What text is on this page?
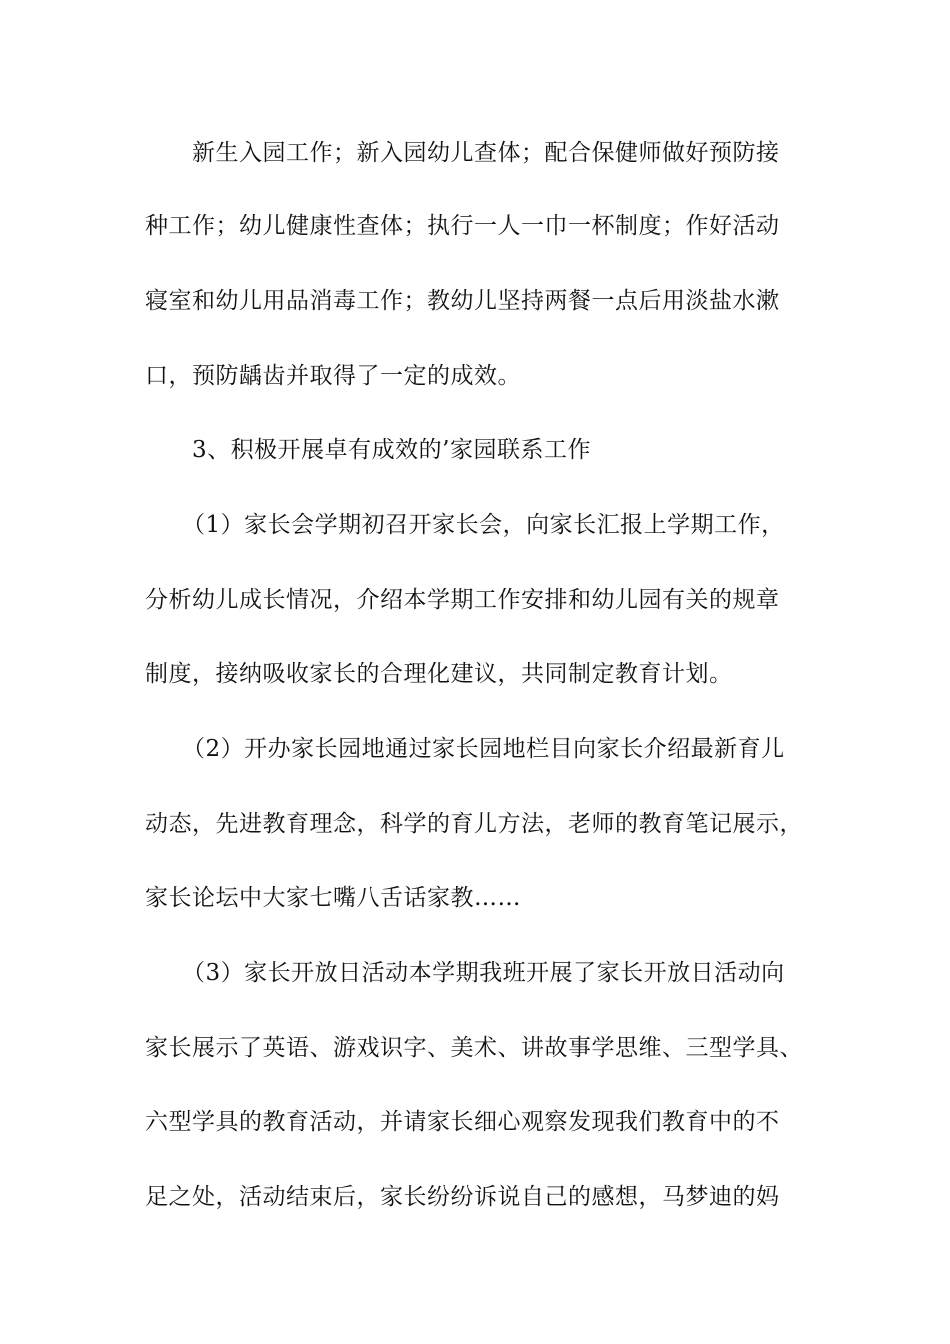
新生入园工作；新入园幼儿查体；配合保健师做好预防接
种工作；幼儿健康性查体；执行一人一巾一杯制度；作好活动
寝室和幼儿用品消毒工作；教幼儿坚持两餐一点后用淡盐水漱
口，预防龋齿并取得了一定的成效。
3、积极开展卓有成效的’家园联系工作
（1）家长会学期初召开家长会，向家长汇报上学期工作，
分析幼儿成长情况，介绍本学期工作安排和幼儿园有关的规章
制度，接纳吸收家长的合理化建议，共同制定教育计划。
（2）开办家长园地通过家长园地栏目向家长介绍最新育儿
动态，先进教育理念，科学的育儿方法，老师的教育笔记展示，
家长论坛中大家七嘴八舌话家教……
（3）家长开放日活动本学期我班开展了家长开放日活动向
家长展示了英语、游戏识字、美术、讲故事学思维、三型学具、
六型学具的教育活动，并请家长细心观察发现我们教育中的不
足之处，活动结束后，家长纷纷诉说自己的感想，马梦迪的妈
